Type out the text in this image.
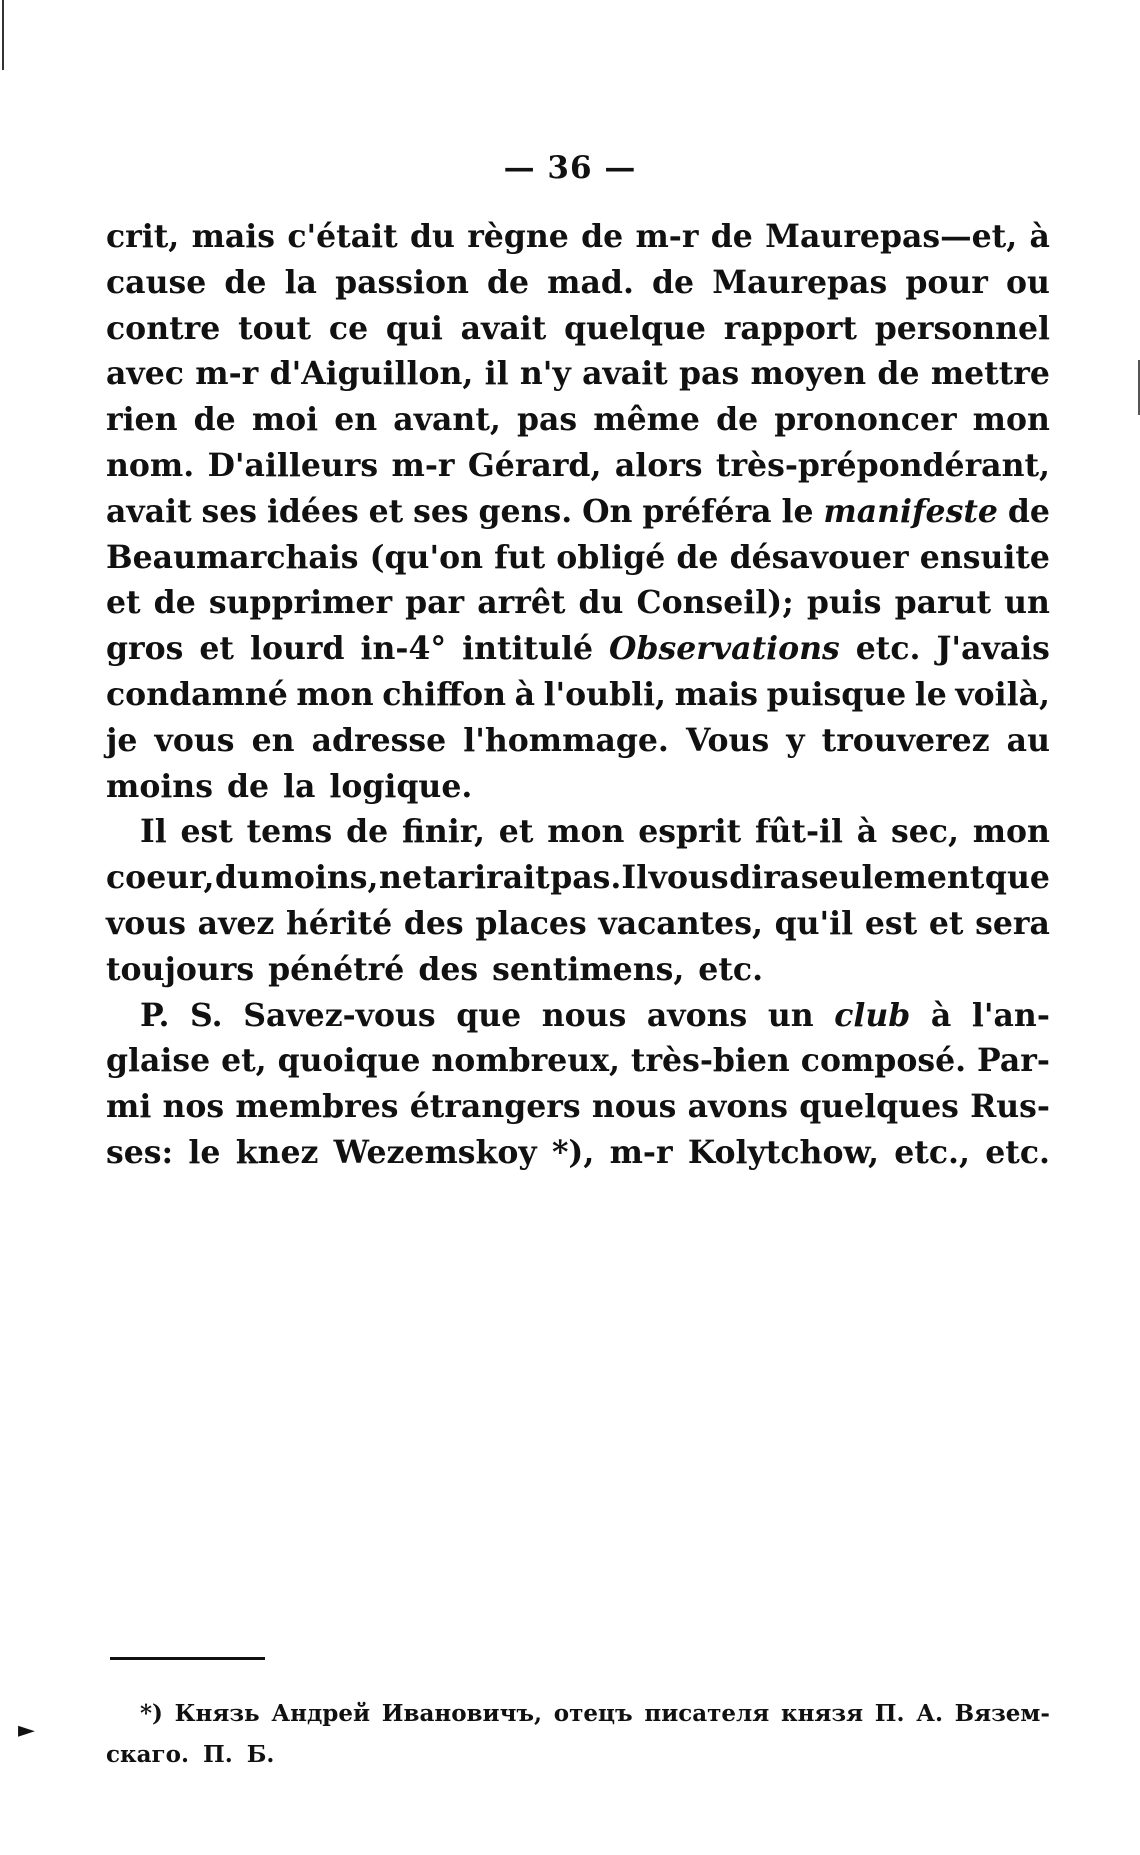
— 36 —
crit, mais c'était du règne de m-r de Maurepas—et, à
cause de la passion de mad. de Maurepas pour ou
contre tout ce qui avait quelque rapport personnel
avec m-r d'Aiguillon, il n'y avait pas moyen de mettre
rien de moi en avant, pas même de prononcer mon
nom. D'ailleurs m-r Gérard, alors très-prépondérant,
avait ses idées et ses gens. On préféra le manifeste de
Beaumarchais (qu'on fut obligé de désavouer ensuite
et de supprimer par arrêt du Conseil); puis parut un
gros et lourd in-4° intitulé Observations etc. J'avais
condamné mon chiffon à l'oubli, mais puisque le voilà,
je vous en adresse l'hommage. Vous y trouverez au
moins de la logique.
Il est tems de finir, et mon esprit fût-il à sec, mon
coeur, du moins, ne tarirait pas.Il vous dira seulement que
vous avez hérité des places vacantes, qu'il est et sera
toujours pénétré des sentimens, etc.
P. S. Savez-vous que nous avons un club à l'an-
glaise et, quoique nombreux, très-bien composé. Par-
mi nos membres étrangers nous avons quelques Rus-
ses: le knez Wezemskoy *), m-r Kolytchow, etc., etc.
*) Князь Андрей Ивановичъ, отецъ писателя князя П. А. Вязем-
скаго. П. Б.
►
